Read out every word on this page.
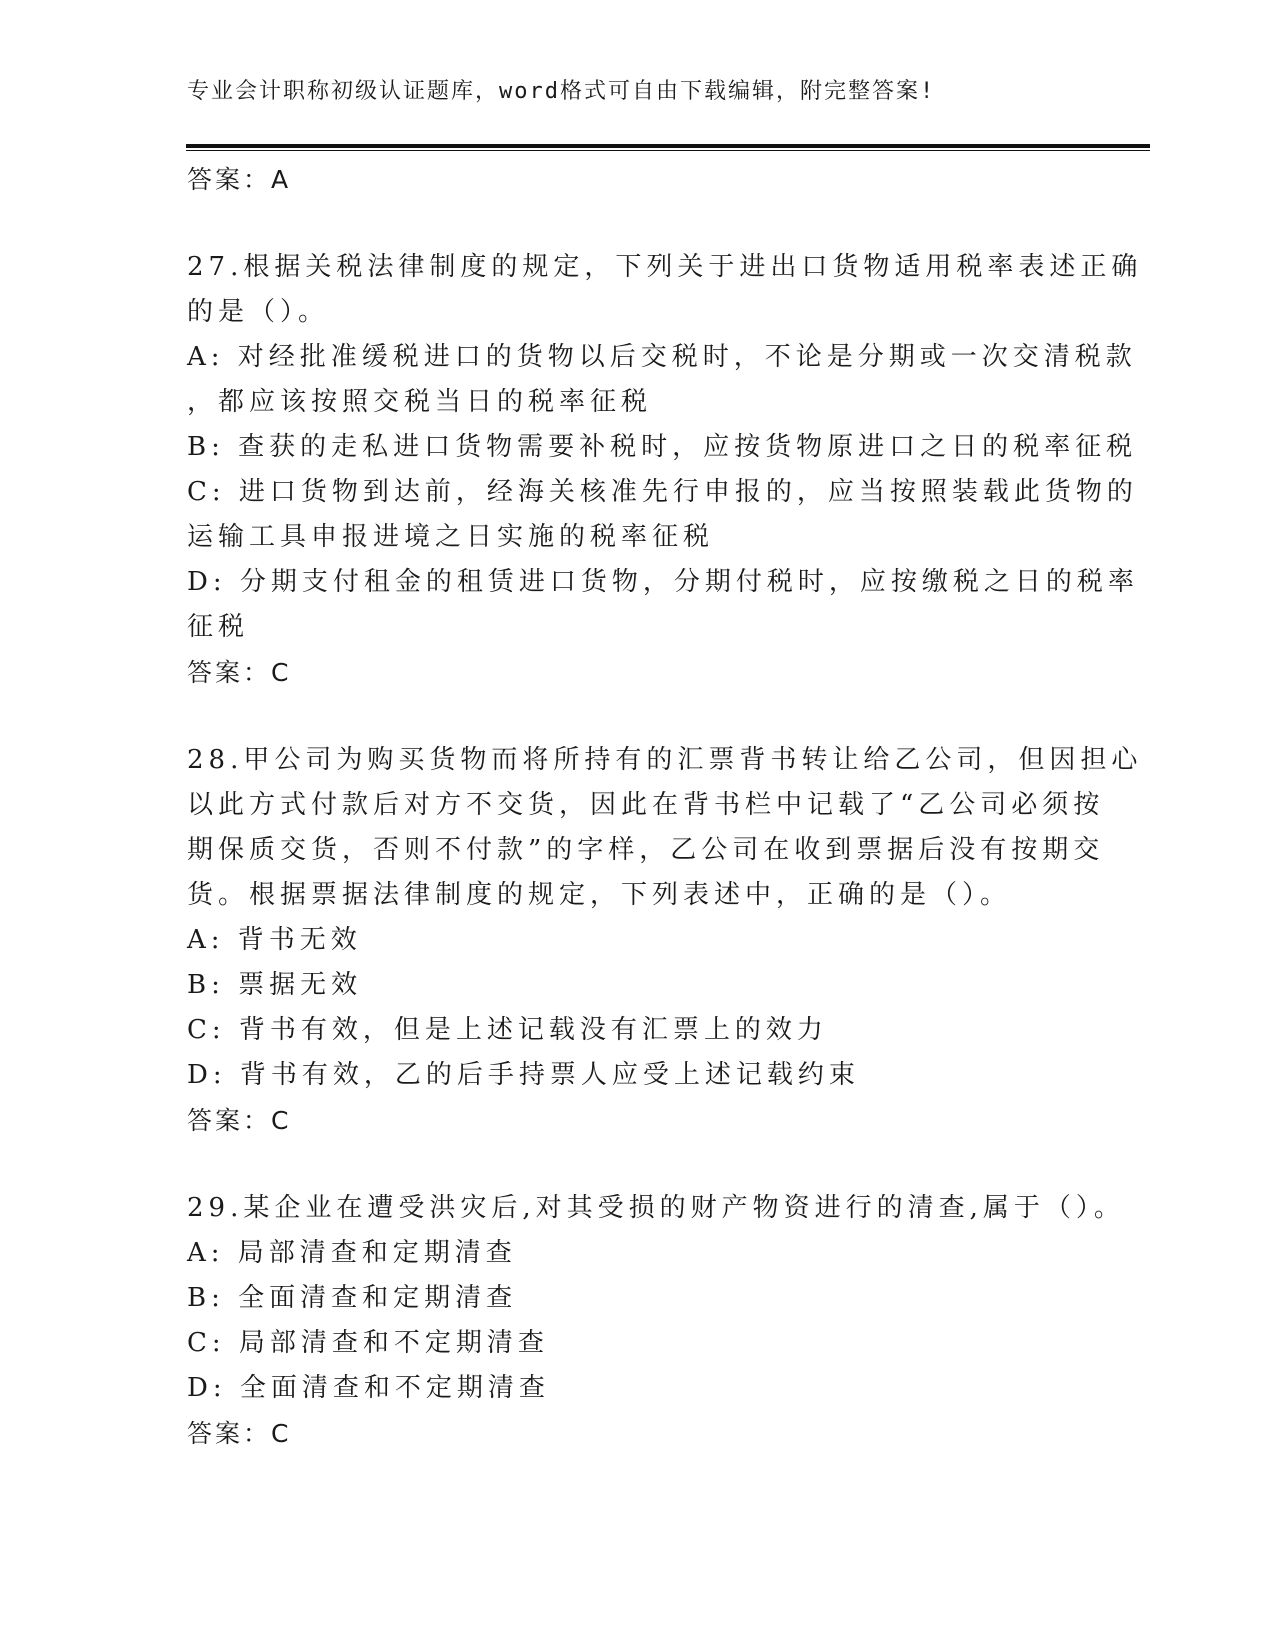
专业会计职称初级认证题库，word格式可自由下载编辑，附完整答案!
答案：A
27.根据关税法律制度的规定，下列关于进出口货物适用税率表述正确
的是（）。
A: 对经批准缓税进口的货物以后交税时，不论是分期或一次交清税款
，都应该按照交税当日的税率征税
B: 查获的走私进口货物需要补税时，应按货物原进口之日的税率征税
C: 进口货物到达前，经海关核准先行申报的，应当按照装载此货物的
运输工具申报进境之日实施的税率征税
D: 分期支付租金的租赁进口货物，分期付税时，应按缴税之日的税率
征税
答案：C
28.甲公司为购买货物而将所持有的汇票背书转让给乙公司，但因担心
以此方式付款后对方不交货，因此在背书栏中记载了“乙公司必须按
期保质交货，否则不付款”的字样，乙公司在收到票据后没有按期交
货。根据票据法律制度的规定，下列表述中，正确的是（）。
A: 背书无效
B: 票据无效
C: 背书有效，但是上述记载没有汇票上的效力
D: 背书有效，乙的后手持票人应受上述记载约束
答案：C
29.某企业在遭受洪灾后,对其受损的财产物资进行的清查,属于（）。
A: 局部清查和定期清查
B: 全面清查和定期清查
C: 局部清查和不定期清查
D: 全面清查和不定期清查
答案：C
